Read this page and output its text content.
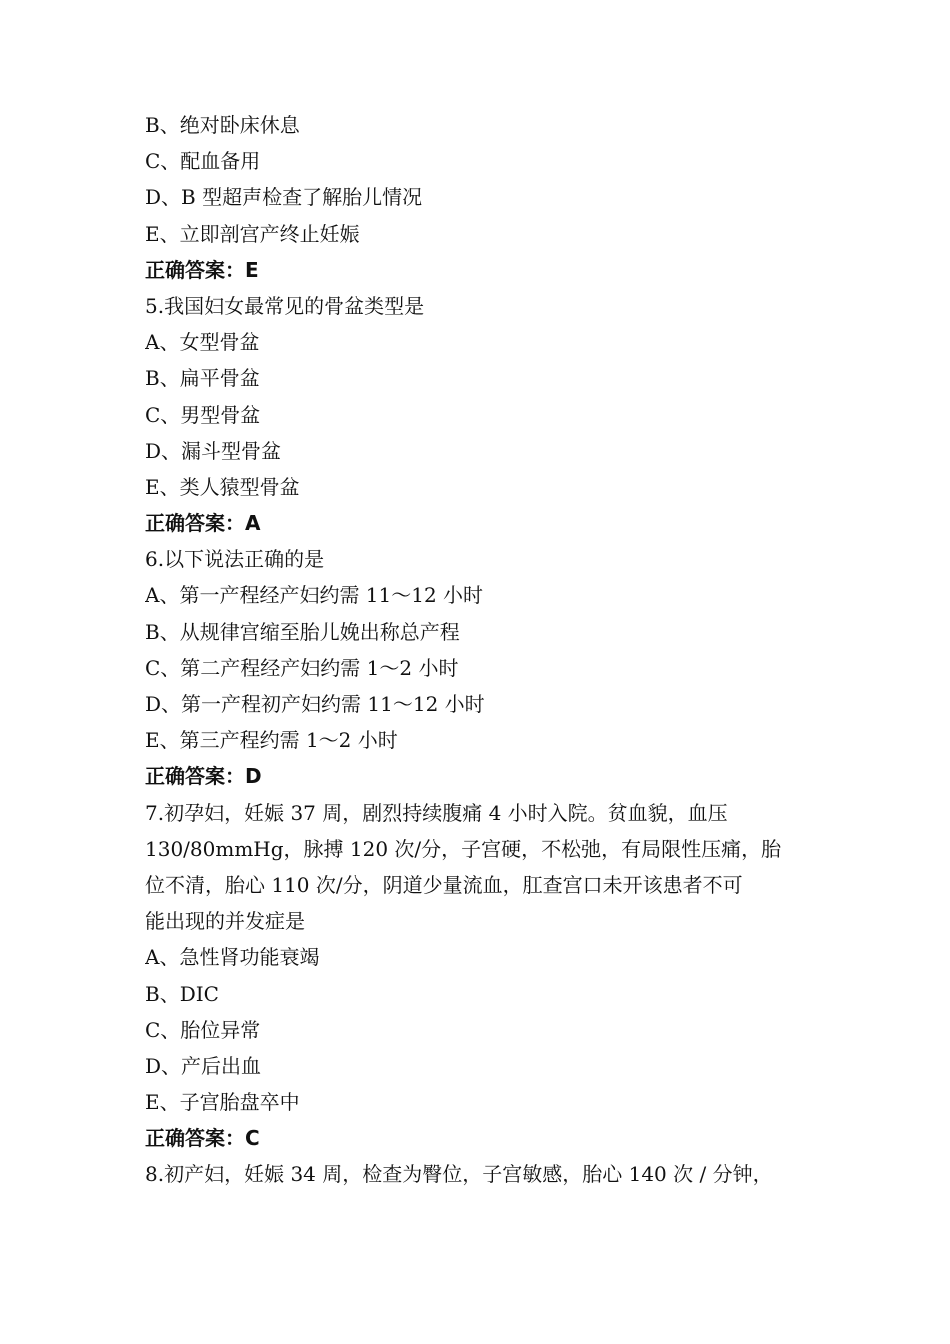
B、绝对卧床休息
C、配血备用
D、B 型超声检查了解胎儿情况
E、立即剖宫产终止妊娠
正确答案：E
5.我国妇女最常见的骨盆类型是
A、女型骨盆
B、扁平骨盆
C、男型骨盆
D、漏斗型骨盆
E、类人猿型骨盆
正确答案：A
6.以下说法正确的是
A、第一产程经产妇约需 11～12 小时
B、从规律宫缩至胎儿娩出称总产程
C、第二产程经产妇约需 1～2 小时
D、第一产程初产妇约需 11～12 小时
E、第三产程约需 1～2 小时
正确答案：D
7.初孕妇，妊娠 37 周，剧烈持续腹痛 4 小时入院。贫血貌，血压
130/80mmHg，脉搏 120 次/分，子宫硬，不松弛，有局限性压痛，胎
位不清，胎心 110 次/分，阴道少量流血，肛查宫口未开该患者不可
能出现的并发症是
A、急性肾功能衰竭
B、DIC
C、胎位异常
D、产后出血
E、子宫胎盘卒中
正确答案：C
8.初产妇，妊娠 34 周，检查为臀位，子宫敏感，胎心 140 次 / 分钟，
